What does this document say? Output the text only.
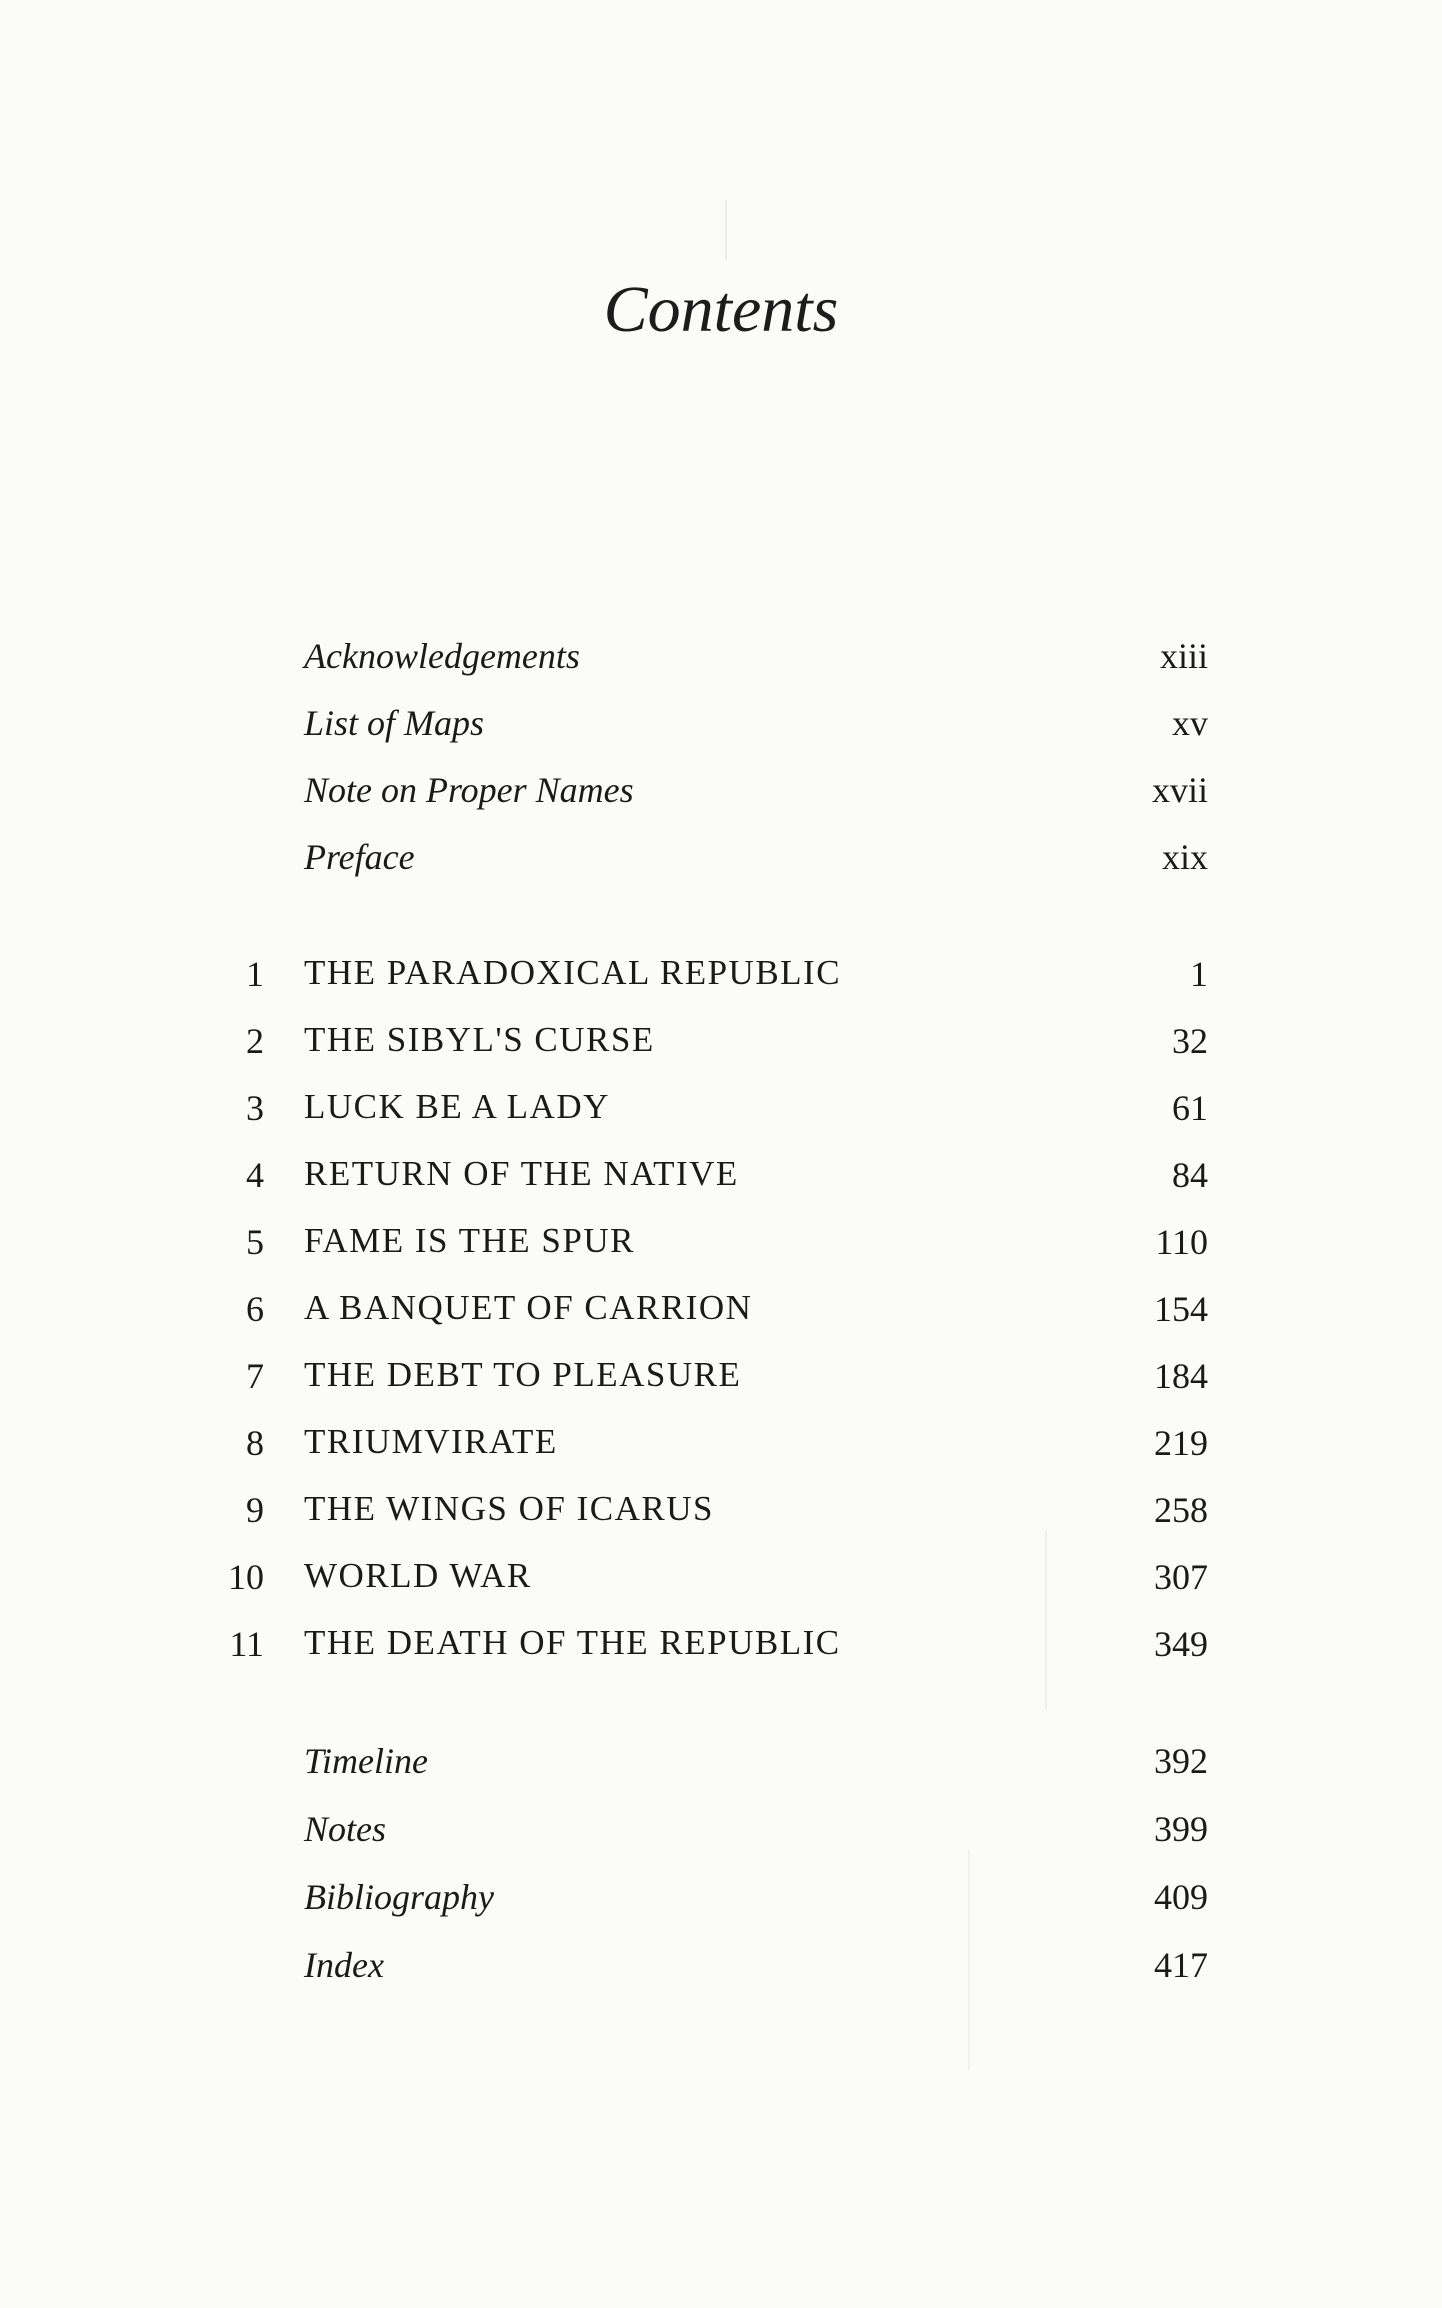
Contents
Acknowledgements	xiii
List of Maps	xv
Note on Proper Names	xvii
Preface	xix
1 THE PARADOXICAL REPUBLIC	1
2 THE SIBYL'S CURSE	32
3 LUCK BE A LADY	61
4 RETURN OF THE NATIVE	84
5 FAME IS THE SPUR	110
6 A BANQUET OF CARRION	154
7 THE DEBT TO PLEASURE	184
8 TRIUMVIRATE	219
9 THE WINGS OF ICARUS	258
10 WORLD WAR	307
11 THE DEATH OF THE REPUBLIC	349
Timeline	392
Notes	399
Bibliography	409
Index	417
